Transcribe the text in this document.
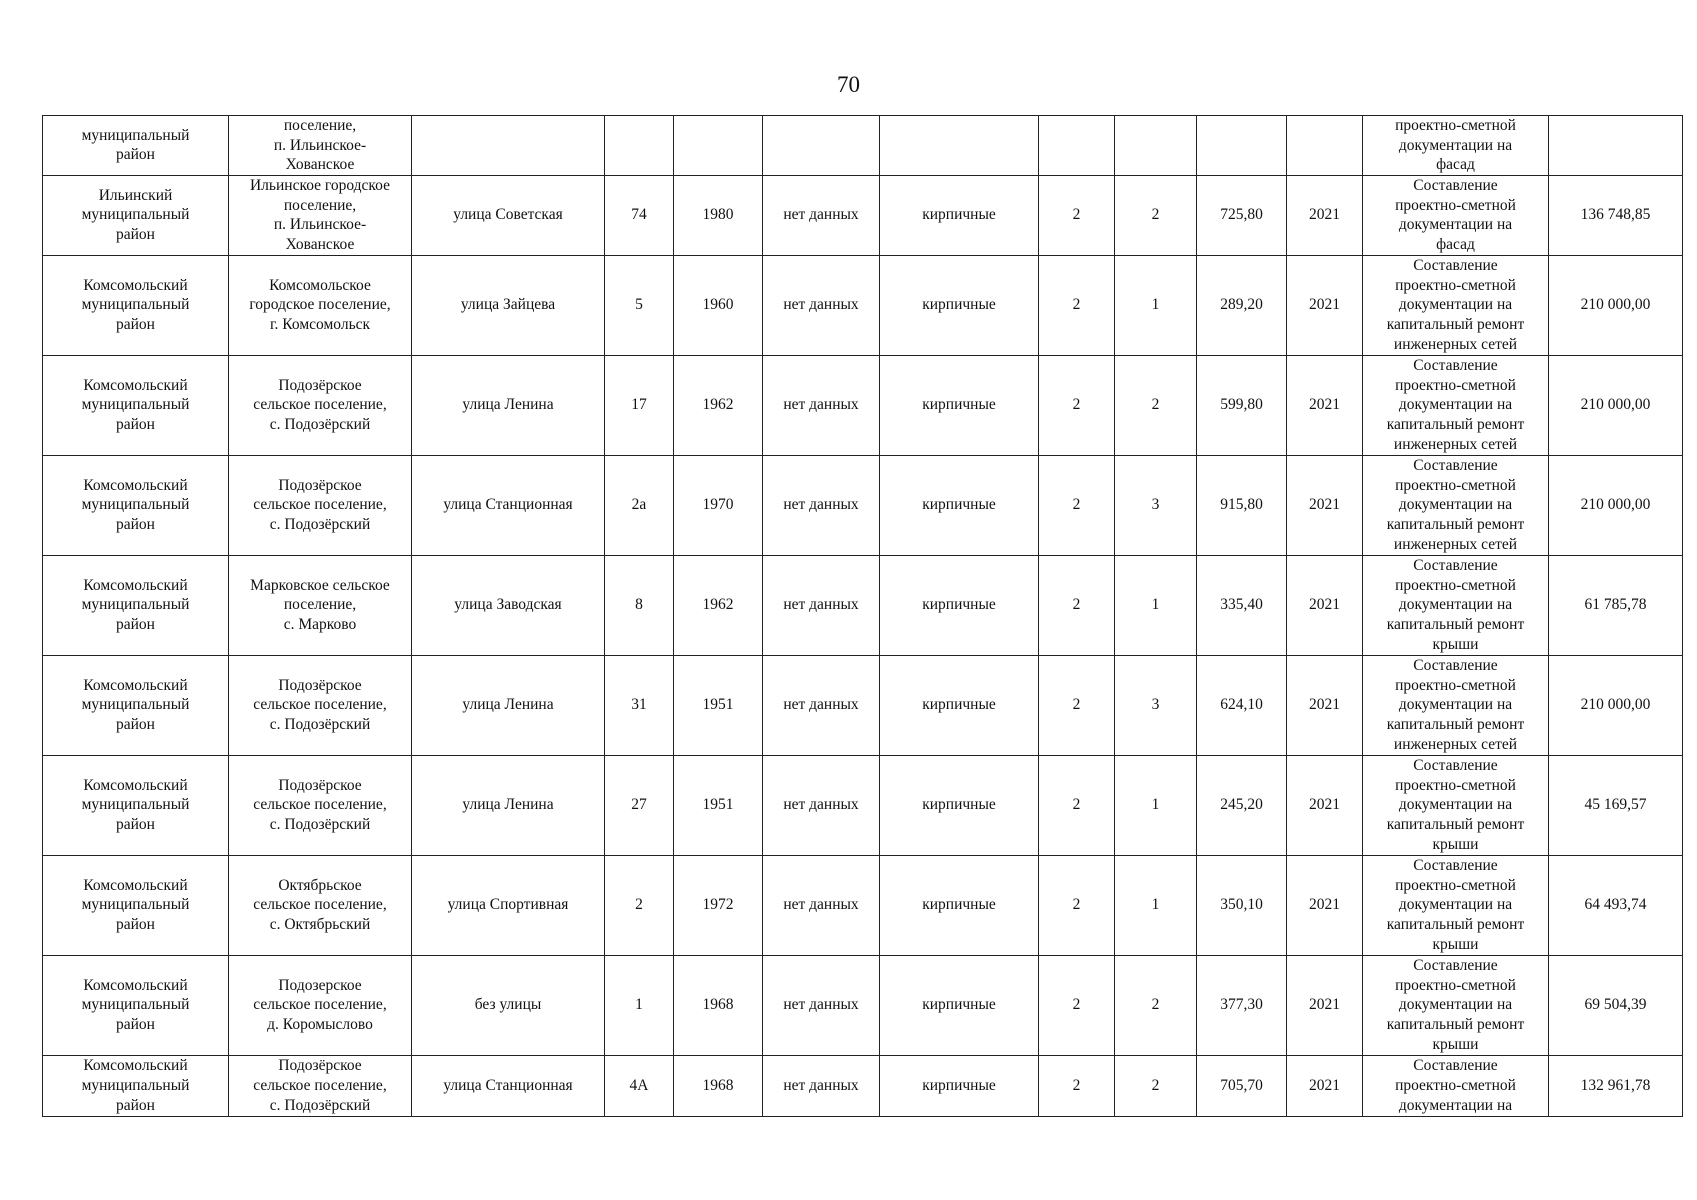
70
муниципальный
район	поселение,
п. Ильинское-
Хованское										проектно-сметной
документации на
фасад	
Ильинский
муниципальный
район	Ильинское городское
поселение,
п. Ильинское-
Хованское	улица Советская	74	1980	нет данных	кирпичные	2	2	725,80	2021	Составление
проектно-сметной
документации на
фасад	136 748,85
Комсомольский
муниципальный
район	Комсомольское
городское поселение,
г. Комсомольск	улица Зайцева	5	1960	нет данных	кирпичные	2	1	289,20	2021	Составление
проектно-сметной
документации на
капитальный ремонт
инженерных сетей	210 000,00
Комсомольский
муниципальный
район	Подозёрское
сельское поселение,
с. Подозёрский	улица Ленина	17	1962	нет данных	кирпичные	2	2	599,80	2021	Составление
проектно-сметной
документации на
капитальный ремонт
инженерных сетей	210 000,00
Комсомольский
муниципальный
район	Подозёрское
сельское поселение,
с. Подозёрский	улица Станционная	2а	1970	нет данных	кирпичные	2	3	915,80	2021	Составление
проектно-сметной
документации на
капитальный ремонт
инженерных сетей	210 000,00
Комсомольский
муниципальный
район	Марковское сельское
поселение,
с. Марково	улица Заводская	8	1962	нет данных	кирпичные	2	1	335,40	2021	Составление
проектно-сметной
документации на
капитальный ремонт
крыши	61 785,78
Комсомольский
муниципальный
район	Подозёрское
сельское поселение,
с. Подозёрский	улица Ленина	31	1951	нет данных	кирпичные	2	3	624,10	2021	Составление
проектно-сметной
документации на
капитальный ремонт
инженерных сетей	210 000,00
Комсомольский
муниципальный
район	Подозёрское
сельское поселение,
с. Подозёрский	улица Ленина	27	1951	нет данных	кирпичные	2	1	245,20	2021	Составление
проектно-сметной
документации на
капитальный ремонт
крыши	45 169,57
Комсомольский
муниципальный
район	Октябрьское
сельское поселение,
с. Октябрьский	улица Спортивная	2	1972	нет данных	кирпичные	2	1	350,10	2021	Составление
проектно-сметной
документации на
капитальный ремонт
крыши	64 493,74
Комсомольский
муниципальный
район	Подозерское
сельское поселение,
д. Коромыслово	без улицы	1	1968	нет данных	кирпичные	2	2	377,30	2021	Составление
проектно-сметной
документации на
капитальный ремонт
крыши	69 504,39
Комсомольский
муниципальный
район	Подозёрское
сельское поселение,
с. Подозёрский	улица Станционная	4А	1968	нет данных	кирпичные	2	2	705,70	2021	Составление
проектно-сметной
документации на	132 961,78
